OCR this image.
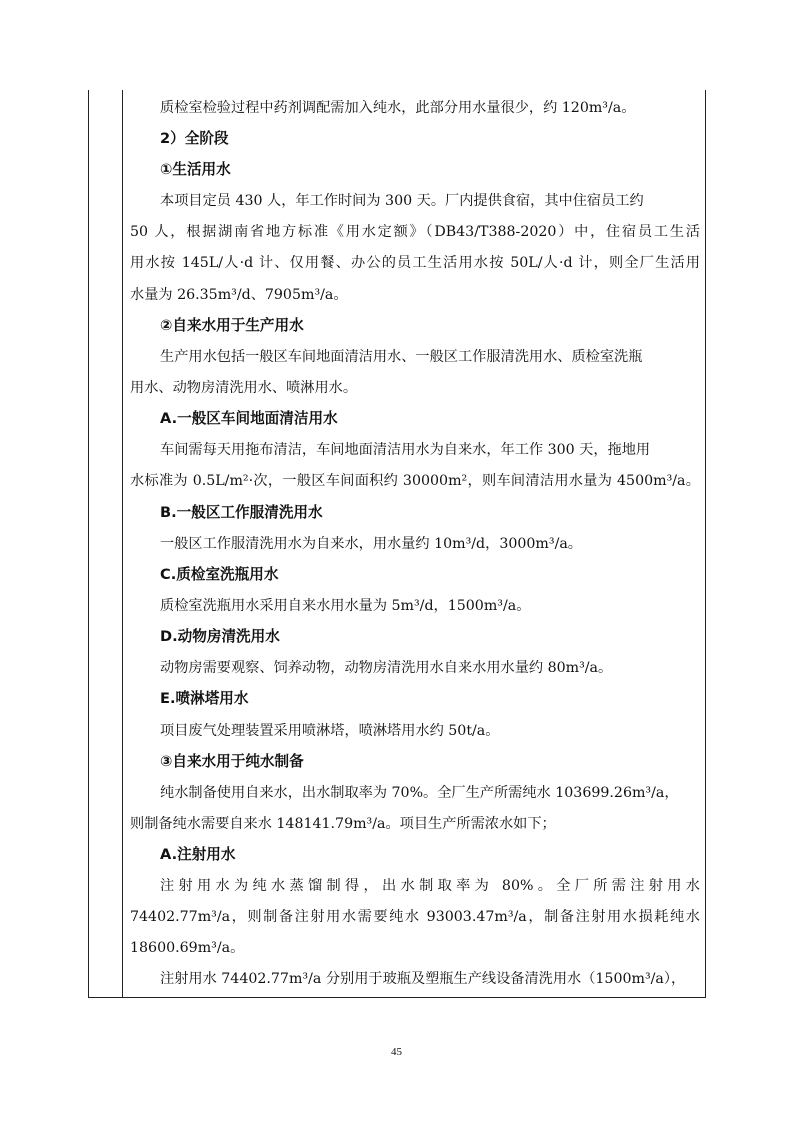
质检室检验过程中药剂调配需加入纯水，此部分用水量很少，约 120m³/a。
2）全阶段
①生活用水
本项目定员 430 人，年工作时间为 300 天。厂内提供食宿，其中住宿员工约
50 人，根据湖南省地方标准《用水定额》（DB43/T388-2020）中，住宿员工生活
用水按 145L/人·d 计、仅用餐、办公的员工生活用水按 50L/人·d 计，则全厂生活用
水量为 26.35m³/d、7905m³/a。
②自来水用于生产用水
生产用水包括一般区车间地面清洁用水、一般区工作服清洗用水、质检室洗瓶
用水、动物房清洗用水、喷淋用水。
A.一般区车间地面清洁用水
车间需每天用拖布清洁，车间地面清洁用水为自来水，年工作 300 天，拖地用
水标准为 0.5L/m²·次，一般区车间面积约 30000m²，则车间清洁用水量为 4500m³/a。
B.一般区工作服清洗用水
一般区工作服清洗用水为自来水，用水量约 10m³/d，3000m³/a。
C.质检室洗瓶用水
质检室洗瓶用水采用自来水用水量为 5m³/d，1500m³/a。
D.动物房清洗用水
动物房需要观察、饲养动物，动物房清洗用水自来水用水量约 80m³/a。
E.喷淋塔用水
项目废气处理装置采用喷淋塔，喷淋塔用水约 50t/a。
③自来水用于纯水制备
纯水制备使用自来水，出水制取率为 70%。全厂生产所需纯水 103699.26m³/a，
则制备纯水需要自来水 148141.79m³/a。项目生产所需浓水如下；
A.注射用水
注射用水为纯水蒸馏制得，出水制取率为 80%。全厂所需注射用水
74402.77m³/a，则制备注射用水需要纯水 93003.47m³/a，制备注射用水损耗纯水
18600.69m³/a。
注射用水 74402.77m³/a 分别用于玻瓶及塑瓶生产线设备清洗用水（1500m³/a），
45
